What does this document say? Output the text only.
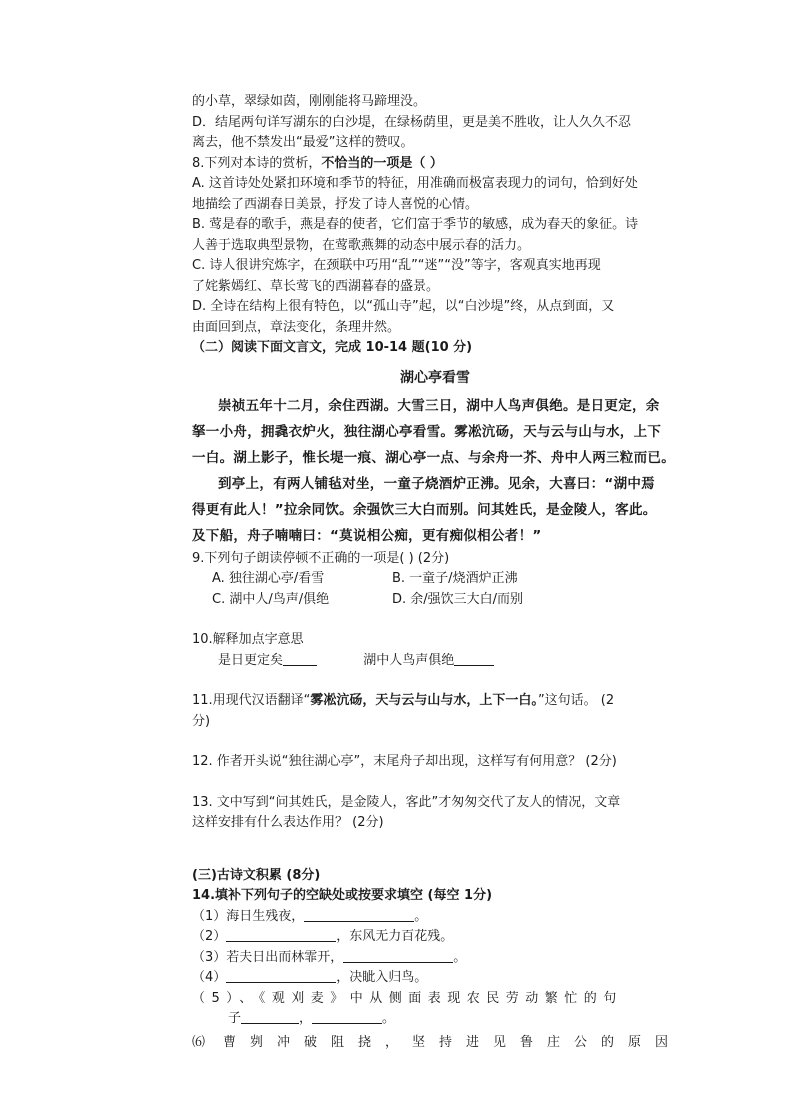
的小草，翠绿如茵，刚刚能将马蹄埋没。
D．结尾两句详写湖东的白沙堤，在绿杨荫里，更是美不胜收，让人久久不忍
离去，他不禁发出“最爱”这样的赞叹。
8.下列对本诗的赏析，不恰当的一项是（ ）
A. 这首诗处处紧扣环境和季节的特征，用准确而极富表现力的词句，恰到好处
地描绘了西湖春日美景，抒发了诗人喜悦的心情。
B. 莺是春的歌手，燕是春的使者，它们富于季节的敏感，成为春天的象征。诗
人善于选取典型景物，在莺歌燕舞的动态中展示春的活力。
C. 诗人很讲究炼字，在颈联中巧用“乱”“迷”“没”等字，客观真实地再现
了姹紫嫣红、草长莺飞的西湖暮春的盛景。
D. 全诗在结构上很有特色，以“孤山寺”起，以“白沙堤”终，从点到面，又
由面回到点，章法变化，条理井然。
（二）阅读下面文言文，完成 10-14 题(10 分)
湖心亭看雪
崇祯五年十二月，余住西湖。大雪三日，湖中人鸟声俱绝。是日更定，余
拏一小舟，拥毳衣炉火，独往湖心亭看雪。雾凇沆砀，天与云与山与水，上下
一白。湖上影子，惟长堤一痕、湖心亭一点、与余舟一芥、舟中人两三粒而已。
到亭上，有两人铺毡对坐，一童子烧酒炉正沸。见余，大喜曰：“湖中焉
得更有此人！”拉余同饮。余强饮三大白而别。问其姓氏，是金陵人，客此。
及下船，舟子喃喃曰：“莫说相公痴，更有痴似相公者！”
9.下列句子朗读停顿不正确的一项是( ) (2分)
A. 独往湖心亭/看雪	B. 一童子/烧酒炉正沸
C. 湖中人/鸟声/俱绝	D. 余/强饮三大白/而别
10.解释加点字意思
是日更定矣	湖中人鸟声俱绝
11.用现代汉语翻译“雾凇沆砀，天与云与山与水，上下一白。”这句话。 (2
分)
12. 作者开头说“独往湖心亭”，末尾舟子却出现，这样写有何用意？ (2分)
13. 文中写到“问其姓氏，是金陵人，客此”才匆匆交代了友人的情况，文章
这样安排有什么表达作用？ (2分)
(三)古诗文积累 (8分)
14.填补下列句子的空缺处或按要求填空 (每空 1分)
（1）海日生残夜，	。
（2）	，东风无力百花残。
（3）若夫日出而林霏开，	。
（4）	，决眦入归鸟。
（5）、《观刈麦》中从侧面表现农民劳动繁忙的句
子	，	。
⑹ 曹刿冲破阻挠，坚持进见鲁庄公的原因
